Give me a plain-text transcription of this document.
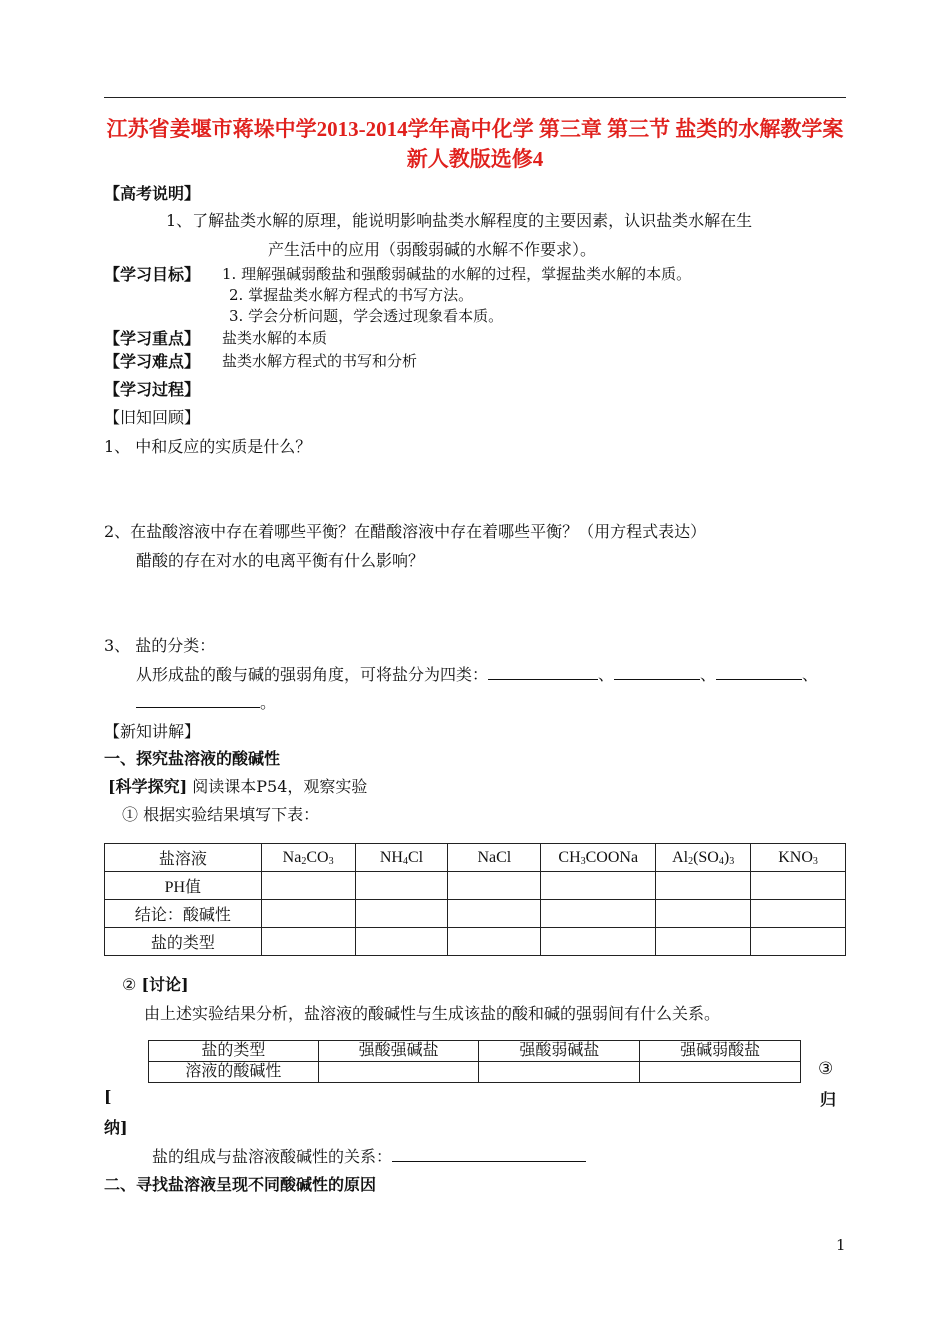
江苏省姜堰市蒋垛中学2013-2014学年高中化学 第三章 第三节 盐类的水解教学案 新人教版选修4
【高考说明】
1、了解盐类水解的原理，能说明影响盐类水解程度的主要因素，认识盐类水解在生
产生活中的应用（弱酸弱碱的水解不作要求）。
【学习目标】 1. 理解强碱弱酸盐和强酸弱碱盐的水解的过程，掌握盐类水解的本质。
2. 掌握盐类水解方程式的书写方法。
3. 学会分析问题，学会透过现象看本质。
【学习重点】 盐类水解的本质
【学习难点】 盐类水解方程式的书写和分析
【学习过程】
【旧知回顾】
1、 中和反应的实质是什么？
2、在盐酸溶液中存在着哪些平衡？在醋酸溶液中存在着哪些平衡？（用方程式表达）
醋酸的存在对水的电离平衡有什么影响？
3、 盐的分类：
从形成盐的酸与碱的强弱角度，可将盐分为四类：	、	、	、
。
【新知讲解】
一、探究盐溶液的酸碱性
[科学探究] 阅读课本P54，观察实验
① 根据实验结果填写下表：
盐溶液	$Na_2CO_3$	$NH_4Cl$	NaCl	$CH_3COONa$	$Al_2(SO_4)_3$	$KNO_3$
PH值						
结论：酸碱性						
盐的类型						
② [讨论]
由上述实验结果分析，盐溶液的酸碱性与生成该盐的酸和碱的强弱间有什么关系。
盐的类型	强酸强碱盐	强酸弱碱盐	强碱弱酸盐
溶液的酸碱性				③
归
[
纳]
盐的组成与盐溶液酸碱性的关系：
二、寻找盐溶液呈现不同酸碱性的原因
1
